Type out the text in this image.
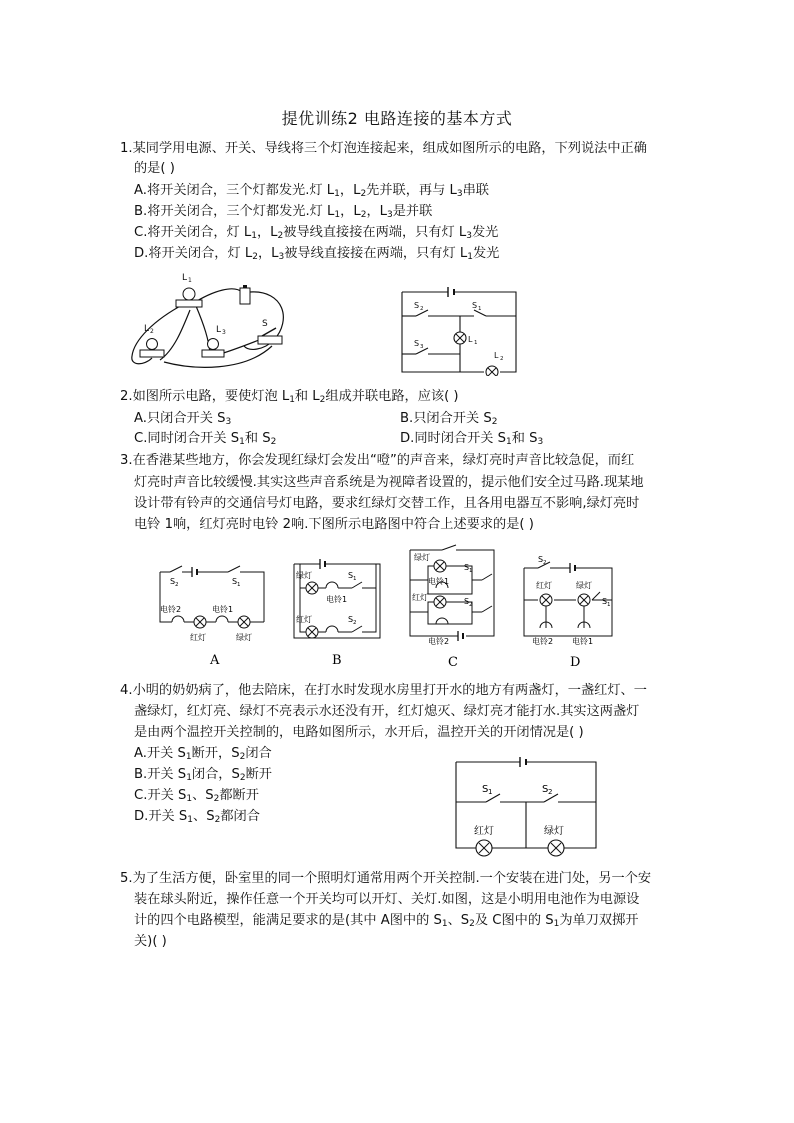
提优训练2 电路连接的基本方式
1.某同学用电源、开关、导线将三个灯泡连接起来，组成如图所示的电路，下列说法中正确
的是( )
A.将开关闭合，三个灯都发光.灯 $L_1$，$L_2$先并联，再与 $L_3$串联
B.将开关闭合，三个灯都发光.灯 $L_1$，$L_2$，$L_3$是并联
C.将开关闭合，灯 $L_1$，$L_2$被导线直接接在两端，只有灯 $L_3$发光
D.将开关闭合，灯 $L_2$，$L_3$被导线直接接在两端，只有灯 $L_1$发光
L 1
L 2	L 3
S
S 2	S 1
S 3
L 1
L 2
2.如图所示电路，要使灯泡 $L_1$和 $L_2$组成并联电路，应该( )
A.只闭合开关 $S_3$	B.只闭合开关 $S_2$
C.同时闭合开关 $S_1$和 $S_2$	D.同时闭合开关 $S_1$和 $S_3$
3.在香港某些地方，你会发现红绿灯会发出“噔”的声音来，绿灯亮时声音比较急促，而红
灯亮时声音比较缓慢.其实这些声音系统是为视障者设置的，提示他们安全过马路.现某地
设计带有铃声的交通信号灯电路，要求红绿灯交替工作，且各用电器互不影响,绿灯亮时
电铃 1响，红灯亮时电铃 2响.下图所示电路图中符合上述要求的是( )
S 2	S 1
电铃2	电铃1
红灯	绿灯
A
绿灯	S 1
电铃1
红灯	S 2
B
绿灯
S 1
电铃1
红灯	S 2
电铃2
C
S 2
红灯	绿灯
S 1
电铃2 电铃1
D
4.小明的奶奶病了，他去陪床，在打水时发现水房里打开水的地方有两盏灯，一盏红灯、一
盏绿灯，红灯亮、绿灯不亮表示水还没有开，红灯熄灭、绿灯亮才能打水.其实这两盏灯
是由两个温控开关控制的，电路如图所示，水开后，温控开关的开闭情况是( )
A.开关 $S_1$断开，$S_2$闭合
B.开关 $S_1$闭合，$S_2$断开
C.开关 $S_1$、$S_2$都断开
D.开关 $S_1$、$S_2$都闭合
S 1	S 2
红灯	绿灯
5.为了生活方便，卧室里的同一个照明灯通常用两个开关控制.一个安装在进门处，另一个安
装在球头附近，操作任意一个开关均可以开灯、关灯.如图，这是小明用电池作为电源设
计的四个电路模型，能满足要求的是(其中 A图中的 $S_1$、$S_2$及 C图中的 $S_1$为单刀双掷开
关)( )
